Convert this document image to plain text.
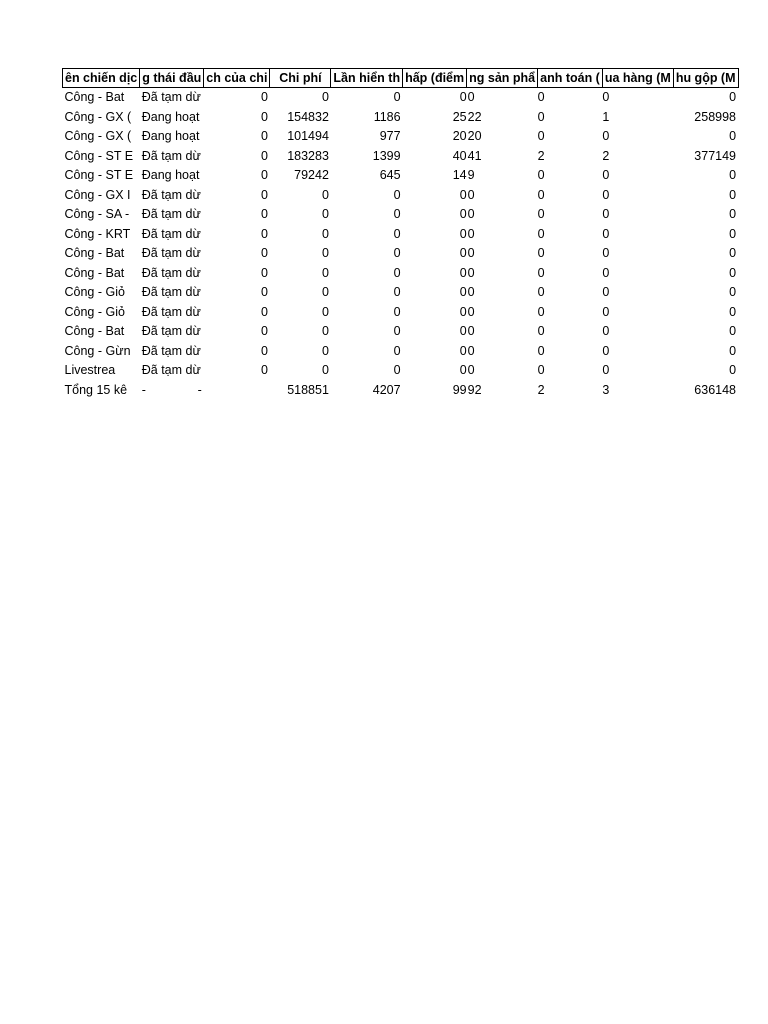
ên chiến dịc	g thái đầu	ch của chi	Chi phí	Lần hiển th	hấp (điểm	ng sản phẩ	anh toán (	ua hàng (M	hu gộp (M
Công - Bat	Đã tạm dừ	0	0	0	0	0	0	0	0
Công - GX (	Đang hoạt	0	154832	1186	25	22	0	1	258998
Công - GX (	Đang hoạt	0	101494	977	20	20	0	0	0
Công - ST E	Đã tạm dừ	0	183283	1399	40	41	2	2	377149
Công - ST E	Đang hoạt	0	79242	645	14	9	0	0	0
Công - GX I	Đã tạm dừ	0	0	0	0	0	0	0	0
Công - SA -	Đã tạm dừ	0	0	0	0	0	0	0	0
Công - KRT	Đã tạm dừ	0	0	0	0	0	0	0	0
Công - Bat	Đã tạm dừ	0	0	0	0	0	0	0	0
Công - Bat	Đã tạm dừ	0	0	0	0	0	0	0	0
Công - Giỏ	Đã tạm dừ	0	0	0	0	0	0	0	0
Công - Giỏ	Đã tạm dừ	0	0	0	0	0	0	0	0
Công - Bat	Đã tạm dừ	0	0	0	0	0	0	0	0
Công - Gừn	Đã tạm dừ	0	0	0	0	0	0	0	0
Livestrea	Đã tạm dừ	0	0	0	0	0	0	0	0
Tổng 15 kê	- -		518851	4207	99	92	2	3	636148
